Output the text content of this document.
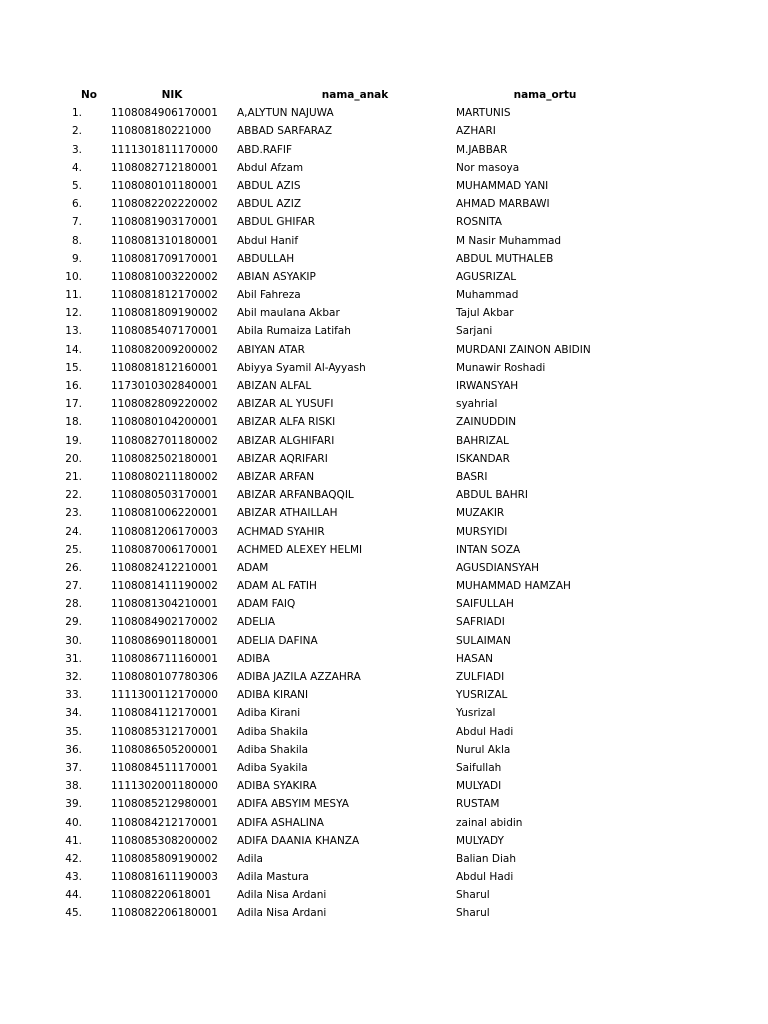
No	NIK	nama_anak	nama_ortu
1.	1108084906170001 A,ALYTUN NAJUWA	MARTUNIS
2.	110808180221000 ABBAD SARFARAZ	AZHARI
3.	1111301811170000 ABD.RAFIF	M.JABBAR
4.	1108082712180001 Abdul Afzam	Nor masoya
5.	1108080101180001 ABDUL AZIS	MUHAMMAD YANI
6.	1108082202220002 ABDUL AZIZ	AHMAD MARBAWI
7.	1108081903170001 ABDUL GHIFAR	ROSNITA
8.	1108081310180001 Abdul Hanif	M Nasir Muhammad
9.	1108081709170001 ABDULLAH	ABDUL MUTHALEB
10.	1108081003220002 ABIAN ASYAKIP	AGUSRIZAL
11.	1108081812170002 Abil Fahreza	Muhammad
12.	1108081809190002 Abil maulana Akbar	Tajul Akbar
13.	1108085407170001 Abila Rumaiza Latifah	Sarjani
14.	1108082009200002 ABIYAN ATAR	MURDANI ZAINON ABIDIN
15.	1108081812160001 Abiyya Syamil Al-Ayyash	Munawir Roshadi
16.	1173010302840001 ABIZAN ALFAL	IRWANSYAH
17.	1108082809220002 ABIZAR AL YUSUFI	syahrial
18.	1108080104200001 ABIZAR ALFA RISKI	ZAINUDDIN
19.	1108082701180002 ABIZAR ALGHIFARI	BAHRIZAL
20.	1108082502180001 ABIZAR AQRIFARI	ISKANDAR
21.	1108080211180002 ABIZAR ARFAN	BASRI
22.	1108080503170001 ABIZAR ARFANBAQQIL	ABDUL BAHRI
23.	1108081006220001 ABIZAR ATHAILLAH	MUZAKIR
24.	1108081206170003 ACHMAD SYAHIR	MURSYIDI
25.	1108087006170001 ACHMED ALEXEY HELMI	INTAN SOZA
26.	1108082412210001 ADAM	AGUSDIANSYAH
27.	1108081411190002 ADAM AL FATIH	MUHAMMAD HAMZAH
28.	1108081304210001 ADAM FAIQ	SAIFULLAH
29.	1108084902170002 ADELIA	SAFRIADI
30.	1108086901180001 ADELIA DAFINA	SULAIMAN
31.	1108086711160001 ADIBA	HASAN
32.	1108080107780306 ADIBA JAZILA AZZAHRA	ZULFIADI
33.	1111300112170000 ADIBA KIRANI	YUSRIZAL
34.	1108084112170001 Adiba Kirani	Yusrizal
35.	1108085312170001 Adiba Shakila	Abdul Hadi
36.	1108086505200001 Adiba Shakila	Nurul Akla
37.	1108084511170001 Adiba Syakila	Saifullah
38.	1111302001180000 ADIBA SYAKIRA	MULYADI
39.	1108085212980001 ADIFA ABSYIM MESYA	RUSTAM
40.	1108084212170001 ADIFA ASHALINA	zainal abidin
41.	1108085308200002 ADIFA DAANIA KHANZA	MULYADY
42.	1108085809190002 Adila	Balian Diah
43.	1108081611190003 Adila Mastura	Abdul Hadi
44.	110808220618001 Adila Nisa Ardani	Sharul
45.	1108082206180001 Adila Nisa Ardani	Sharul
